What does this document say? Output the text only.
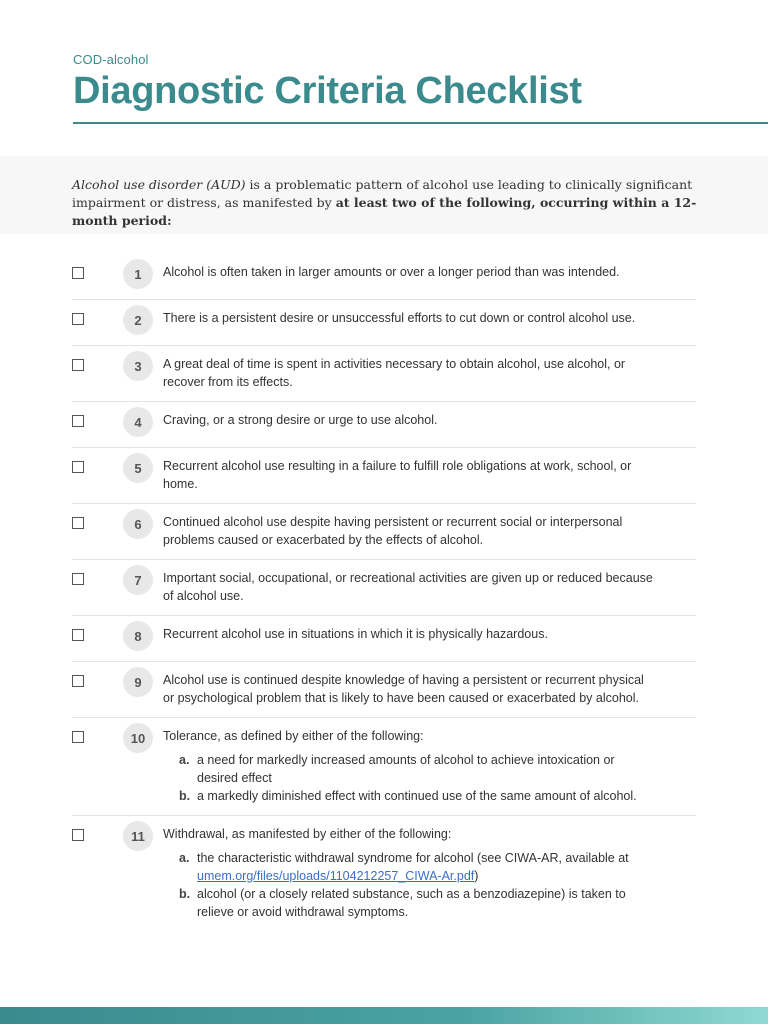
COD-alcohol
Diagnostic Criteria Checklist

Alcohol use disorder (AUD) is a problematic pattern of alcohol use leading to clinically significant impairment or distress, as manifested by at least two of the following, occurring within a 12-month period:

1	Alcohol is often taken in larger amounts or over a longer period than was intended.
2	There is a persistent desire or unsuccessful efforts to cut down or control alcohol use.
3	A great deal of time is spent in activities necessary to obtain alcohol, use alcohol, or recover from its effects.
4	Craving, or a strong desire or urge to use alcohol.
5	Recurrent alcohol use resulting in a failure to fulfill role obligations at work, school, or home.
6	Continued alcohol use despite having persistent or recurrent social or interpersonal problems caused or exacerbated by the effects of alcohol.
7	Important social, occupational, or recreational activities are given up or reduced because of alcohol use.
8	Recurrent alcohol use in situations in which it is physically hazardous.
9	Alcohol use is continued despite knowledge of having a persistent or recurrent physical or psychological problem that is likely to have been caused or exacerbated by alcohol.
10	Tolerance, as defined by either of the following:
a. a need for markedly increased amounts of alcohol to achieve intoxication or desired effect
b. a markedly diminished effect with continued use of the same amount of alcohol.
11	Withdrawal, as manifested by either of the following:
a. the characteristic withdrawal syndrome for alcohol (see CIWA-AR, available at umem.org/files/uploads/1104212257_CIWA-Ar.pdf)
b. alcohol (or a closely related substance, such as a benzodiazepine) is taken to relieve or avoid withdrawal symptoms.
